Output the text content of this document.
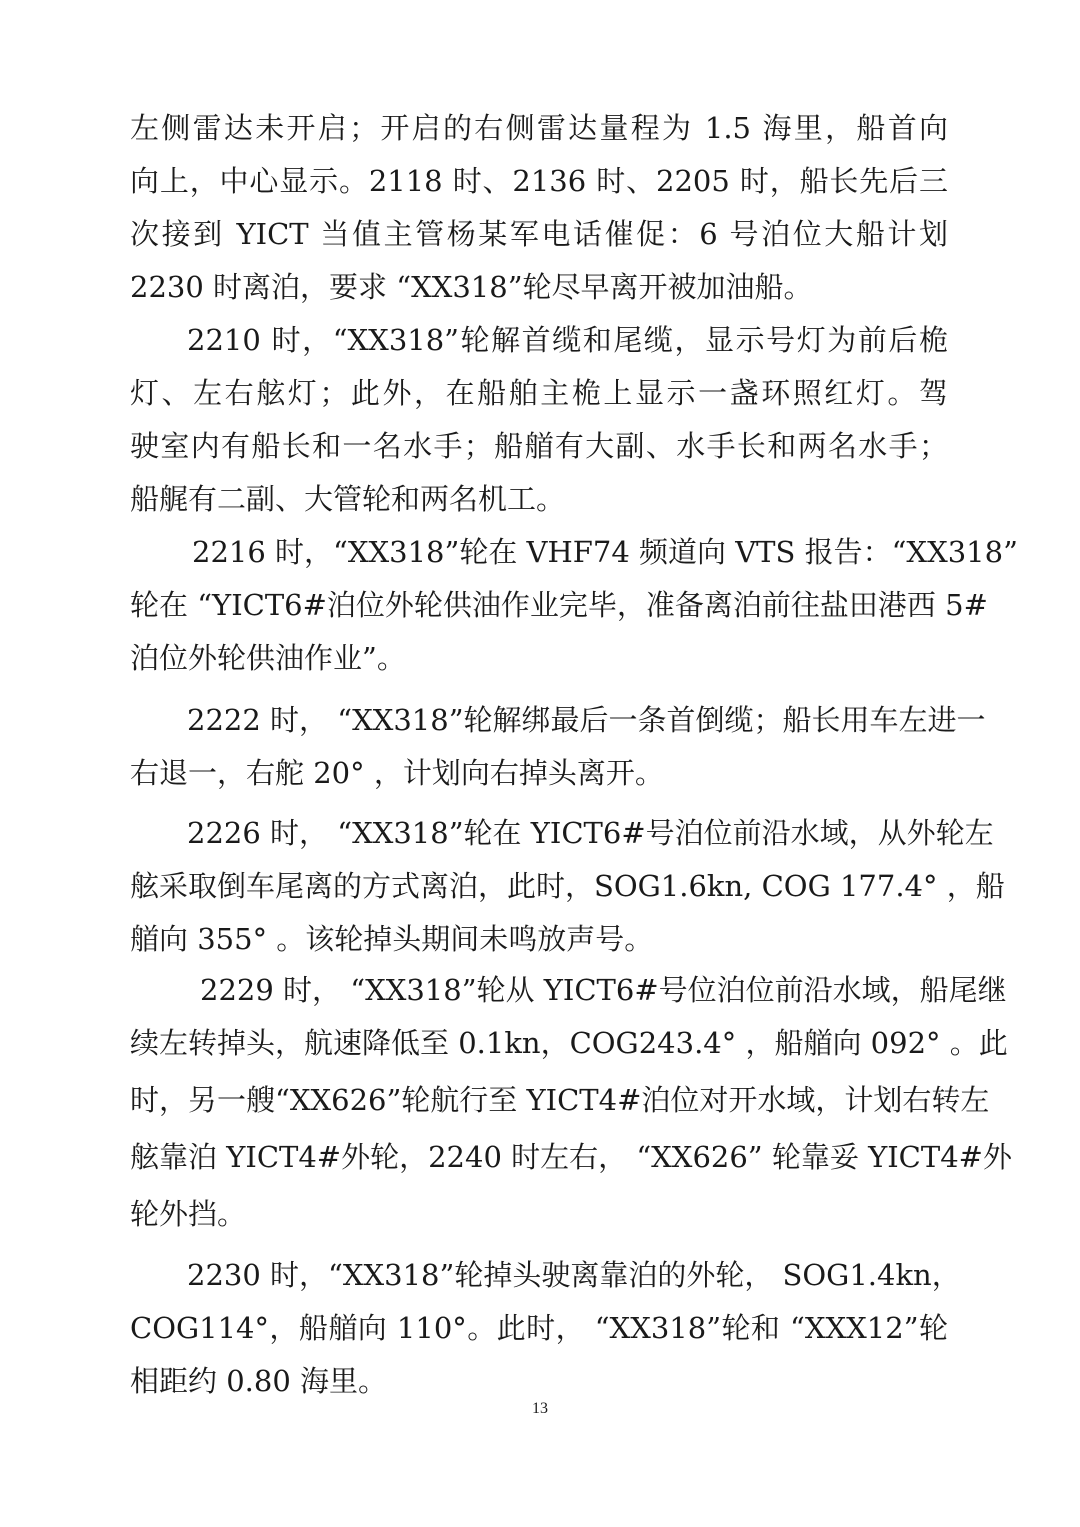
左侧雷达未开启；开启的右侧雷达量程为 1.5 海里，船首向
向上，中心显示。2118 时、2136 时、2205 时，船长先后三
次接到 YICT 当值主管杨某军电话催促：6 号泊位大船计划
2230 时离泊，要求 “XX318”轮尽早离开被加油船。
2210 时，“XX318”轮解首缆和尾缆，显示号灯为前后桅
灯、左右舷灯；此外，在船舶主桅上显示一盏环照红灯。驾
驶室内有船长和一名水手；船艏有大副、水手长和两名水手；
船艉有二副、大管轮和两名机工。
2216 时，“XX318”轮在 VHF74 频道向 VTS 报告：“XX318”
轮在 “YICT6#泊位外轮供油作业完毕，准备离泊前往盐田港西 5#
泊位外轮供油作业”。
2222 时， “XX318”轮解绑最后一条首倒缆；船长用车左进一
右退一，右舵 20° ，计划向右掉头离开。
2226 时， “XX318”轮在 YICT6#号泊位前沿水域，从外轮左
舷采取倒车尾离的方式离泊，此时，SOG1.6kn, COG 177.4° ，船
艏向 355° 。该轮掉头期间未鸣放声号。
2229 时， “XX318”轮从 YICT6#号位泊位前沿水域，船尾继
续左转掉头，航速降低至 0.1kn，COG243.4° ，船艏向 092° 。此
时，另一艘“XX626”轮航行至 YICT4#泊位对开水域，计划右转左
舷靠泊 YICT4#外轮，2240 时左右， “XX626” 轮靠妥 YICT4#外
轮外挡。
2230 时，“XX318”轮掉头驶离靠泊的外轮， SOG1.4kn，
COG114°，船艏向 110°。此时， “XX318”轮和 “XXX12”轮
相距约 0.80 海里。
13
